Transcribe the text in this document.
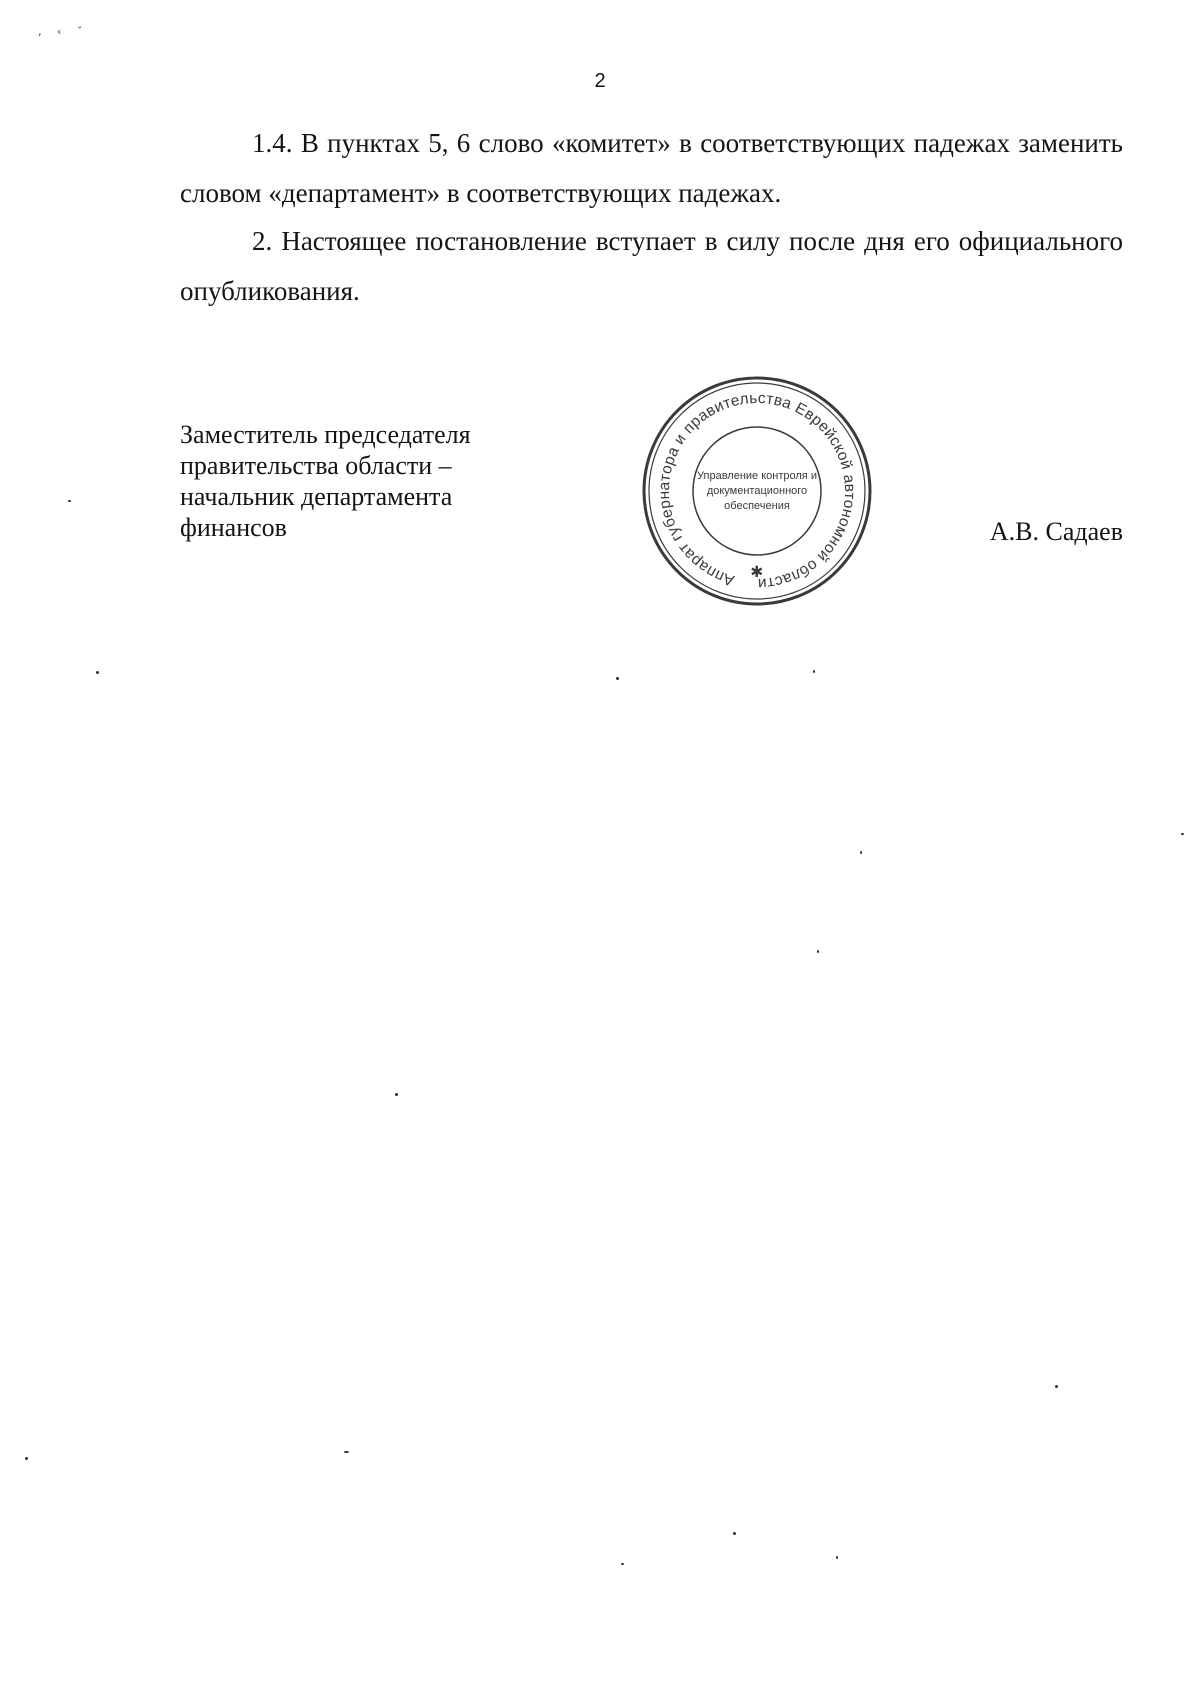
‚ ‹ ˇ
2

1.4. В пунктах 5, 6 слово «комитет» в соответствующих падежах заменить словом «департамент» в соответствующих падежах.

2. Настоящее постановление вступает в силу после дня его официального опубликования.

Заместитель председателя
правительства области –
начальник департамента
финансов
Аппарат губернатора и правительства Еврейской автономной области
✱
Управление контроля и
документационного
обеспечения
А.В. Садаев
